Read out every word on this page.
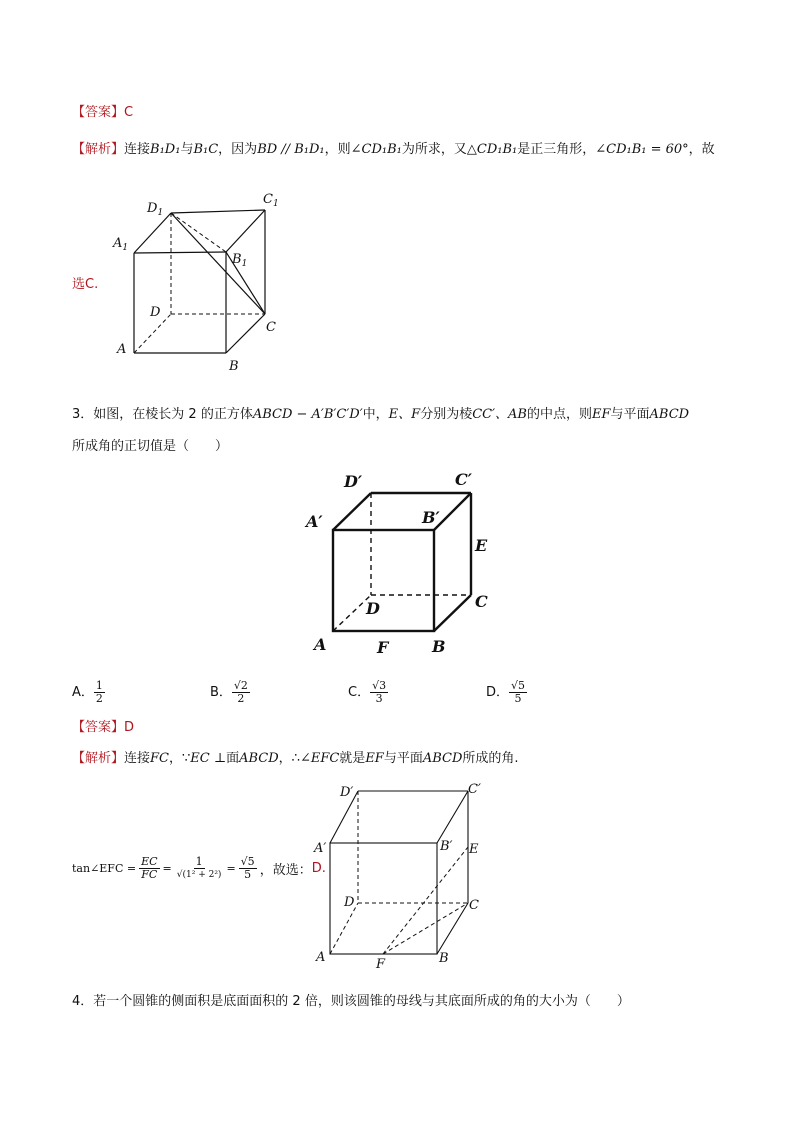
【答案】C
【解析】连接B₁D₁与B₁C，因为BD // B₁D₁，则∠CD₁B₁为所求，又△CD₁B₁是正三角形，∠CD₁B₁ = 60°，故
选C.
$D_1$
$A_1$
$C_1$
$B_1$
D
C
A
B
3．如图，在棱长为 2 的正方体ABCD − A′B′C′D′中，E、F分别为棱CC′、AB的中点，则EF与平面ABCD
所成角的正切值是（　　）
D′	C′
A′	B′
E
D	C
A	F	B
A． $\frac{1}{2}$	B． $\frac{√2}{2}$	C． $\frac{√3}{3}$	D． $\frac{√5}{5}$
【答案】D
【解析】连接FC，∵EC ⊥面ABCD，∴∠EFC就是EF与平面ABCD所成的角.
tan∠EFC = $\frac{EC}{FC} = \frac{1}{\text{√(1² + 2²)}} = \frac{√5}{5}$ ，故选： D.
D′	C′
A′	B′ E
D	C
A	F	B
4．若一个圆锥的侧面积是底面面积的 2 倍，则该圆锥的母线与其底面所成的角的大小为（　　）
